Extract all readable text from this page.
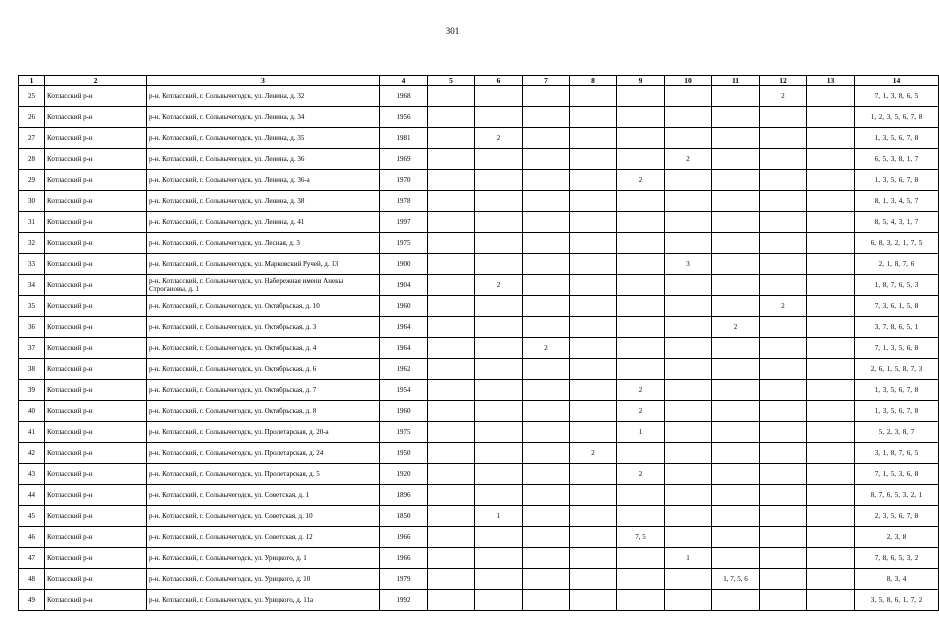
301
1	2	3	4	5	6	7	8	9	10	11	12	13	14
25	Котласский р-н	р-н. Котласский, г. Сольвычегодск, ул. Ленина, д. 32	1968								2		7, 1, 3, 8, 6, 5
26	Котласский р-н	р-н. Котласский, г. Сольвычегодск, ул. Ленина, д. 34	1956										1, 2, 3, 5, 6, 7, 8
27	Котласский р-н	р-н. Котласский, г. Сольвычегодск, ул. Ленина, д. 35	1981		2								1, 3, 5, 6, 7, 8
28	Котласский р-н	р-н. Котласский, г. Сольвычегодск, ул. Ленина, д. 36	1969						2				6, 5, 3, 8, 1, 7
29	Котласский р-н	р-н. Котласский, г. Сольвычегодск, ул. Ленина, д. 36-а	1970					2					1, 3, 5, 6, 7, 8
30	Котласский р-н	р-н. Котласский, г. Сольвычегодск, ул. Ленина, д. 38	1978										8, 1, 3, 4, 5, 7
31	Котласский р-н	р-н. Котласский, г. Сольвычегодск, ул. Ленина, д. 41	1997										8, 5, 4, 3, 1, 7
32	Котласский р-н	р-н. Котласский, г. Сольвычегодск, ул. Лесная, д. 3	1975										6, 8, 3, 2, 1, 7, 5
33	Котласский р-н	р-н. Котласский, г. Сольвычегодск, ул. Марковский Ручей, д. 13	1900						3				2, 1, 8, 7, 6
34	Котласский р-н	р-н. Котласский, г. Сольвычегодск, ул. Набережная имени Анекы Строгановы, д. 1	1904		2								1, 8, 7, 6, 5, 3
35	Котласский р-н	р-н. Котласский, г. Сольвычегодск, ул. Октябрьская, д. 10	1960								2		7, 3, 6, 1, 5, 8
36	Котласский р-н	р-н. Котласский, г. Сольвычегодск, ул. Октябрьская, д. 3	1964							2			3, 7, 8, 6, 5, 1
37	Котласский р-н	р-н. Котласский, г. Сольвычегодск, ул. Октябрьская, д. 4	1964			2							7, 1, 3, 5, 6, 8
38	Котласский р-н	р-н. Котласский, г. Сольвычегодск, ул. Октябрьская, д. 6	1962										2, 6, 1, 5, 8, 7, 3
39	Котласский р-н	р-н. Котласский, г. Сольвычегодск, ул. Октябрьская, д. 7	1954					2					1, 3, 5, 6, 7, 8
40	Котласский р-н	р-н. Котласский, г. Сольвычегодск, ул. Октябрьская, д. 8	1960					2					1, 3, 5, 6, 7, 8
41	Котласский р-н	р-н. Котласский, г. Сольвычегодск, ул. Пролетарская, д. 20-а	1975					1					5, 2, 3, 8, 7
42	Котласский р-н	р-н. Котласский, г. Сольвычегодск, ул. Пролетарская, д. 24	1950				2						3, 1, 8, 7, 6, 5
43	Котласский р-н	р-н. Котласский, г. Сольвычегодск, ул. Пролетарская, д. 5	1920					2					7, 1, 5, 3, 6, 8
44	Котласский р-н	р-н. Котласский, г. Сольвычегодск, ул. Советская, д. 1	1896										8, 7, 6, 5, 3, 2, 1
45	Котласский р-н	р-н. Котласский, г. Сольвычегодск, ул. Советская, д. 10	1850		1								2, 3, 5, 6, 7, 8
46	Котласский р-н	р-н. Котласский, г. Сольвычегодск, ул. Советская, д. 12	1966					7, 5					2, 3, 8
47	Котласский р-н	р-н. Котласский, г. Сольвычегодск, ул. Урицкого, д. 1	1966						1				7, 8, 6, 5, 3, 2
48	Котласский р-н	р-н. Котласский, г. Сольвычегодск, ул. Урицкого, д. 10	1979							1, 7, 5, 6			8, 3, 4
49	Котласский р-н	р-н. Котласский, г. Сольвычегодск, ул. Урицкого, д. 11а	1992										3, 5, 8, 6, 1, 7, 2
